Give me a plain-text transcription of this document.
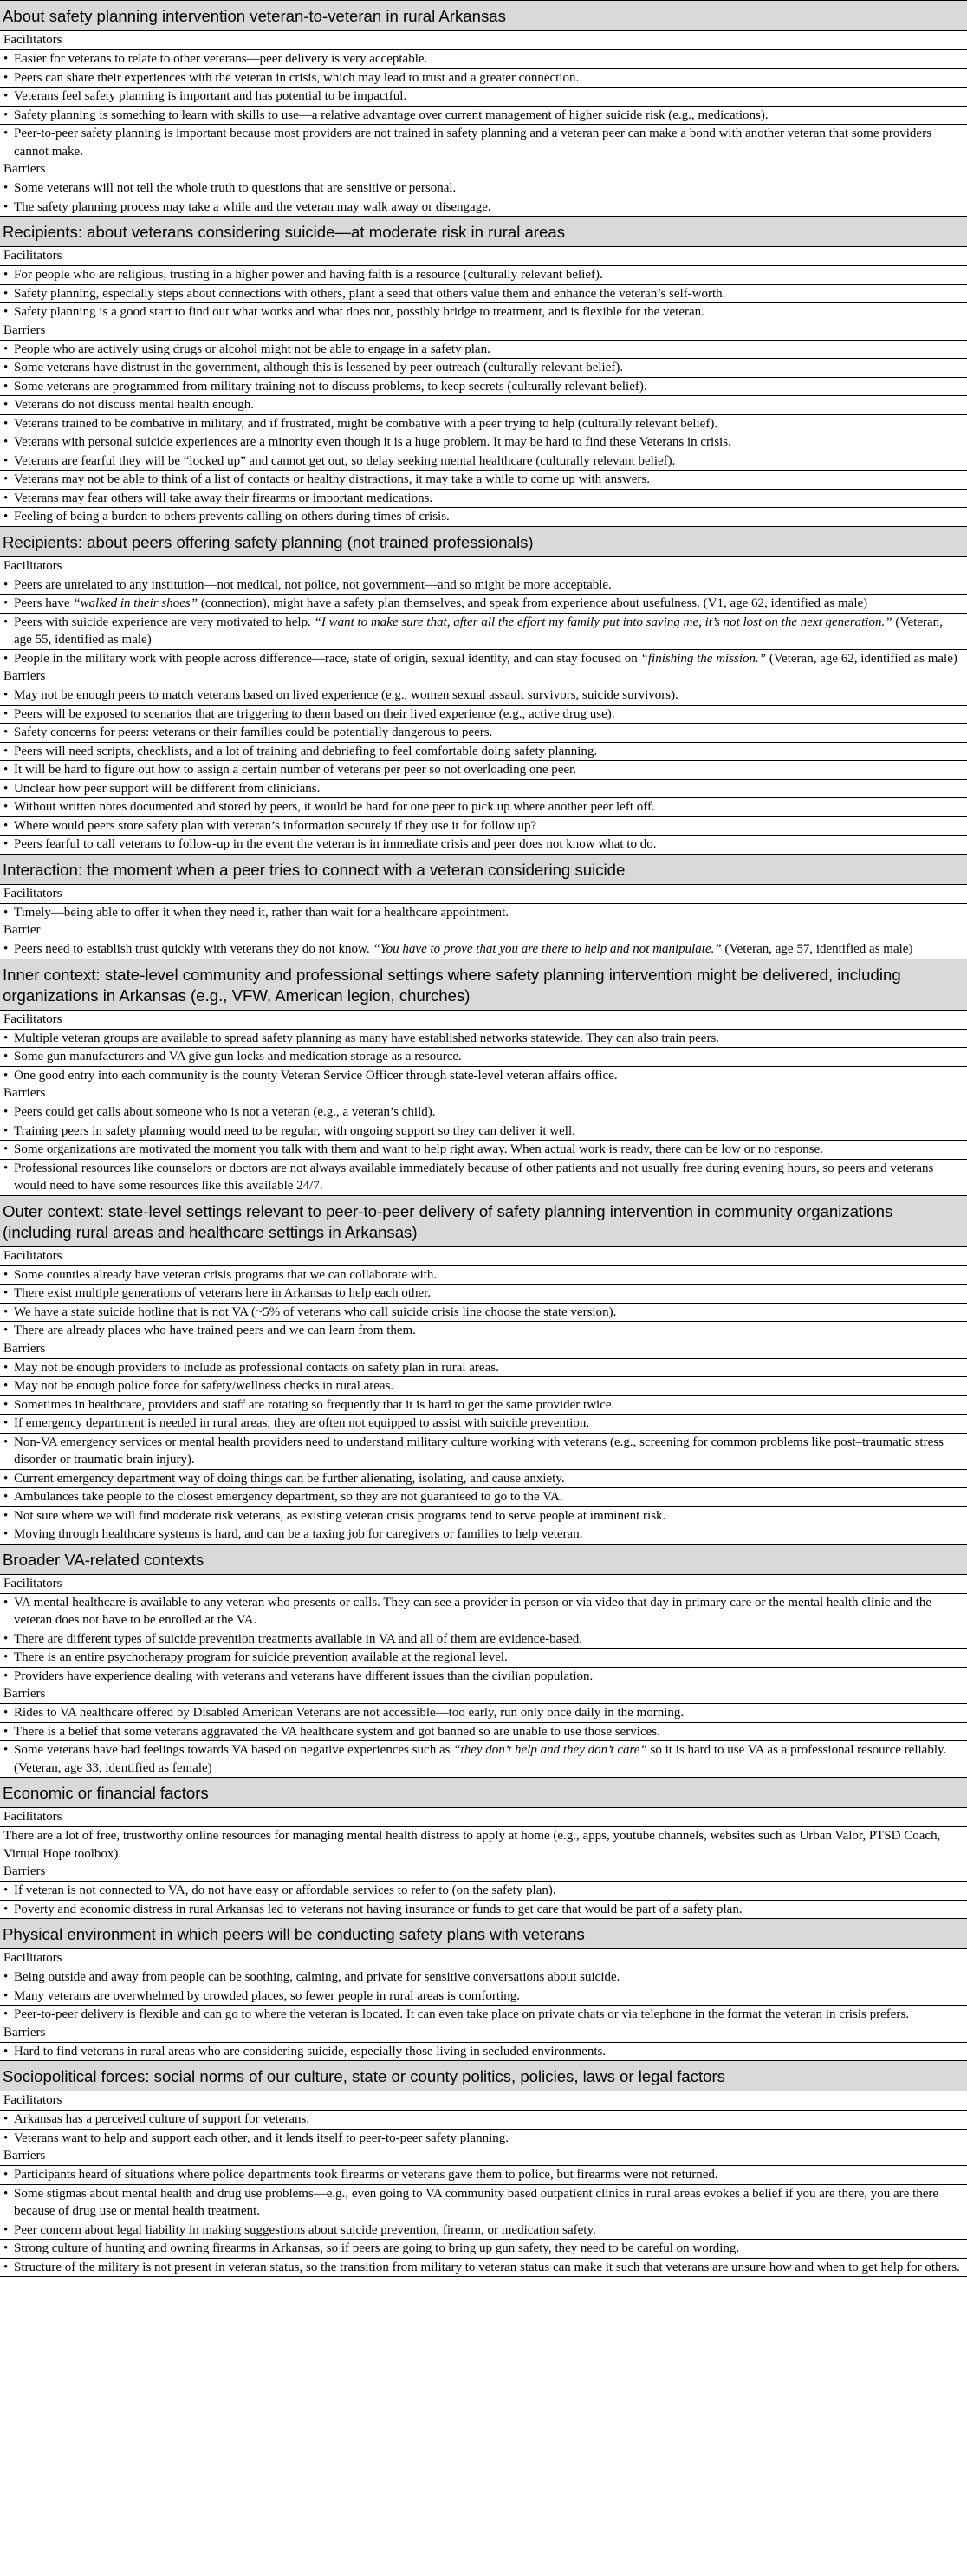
About safety planning intervention veteran-to-veteran in rural Arkansas
Facilitators
• Easier for veterans to relate to other veterans—peer delivery is very acceptable.
• Peers can share their experiences with the veteran in crisis, which may lead to trust and a greater connection.
• Veterans feel safety planning is important and has potential to be impactful.
• Safety planning is something to learn with skills to use—a relative advantage over current management of higher suicide risk (e.g., medications).
• Peer-to-peer safety planning is important because most providers are not trained in safety planning and a veteran peer can make a bond with another veteran that some providers cannot make.
Barriers
• Some veterans will not tell the whole truth to questions that are sensitive or personal.
• The safety planning process may take a while and the veteran may walk away or disengage.
Recipients: about veterans considering suicide—at moderate risk in rural areas
Facilitators
• For people who are religious, trusting in a higher power and having faith is a resource (culturally relevant belief).
• Safety planning, especially steps about connections with others, plant a seed that others value them and enhance the veteran’s self-worth.
• Safety planning is a good start to find out what works and what does not, possibly bridge to treatment, and is flexible for the veteran.
Barriers
• People who are actively using drugs or alcohol might not be able to engage in a safety plan.
• Some veterans have distrust in the government, although this is lessened by peer outreach (culturally relevant belief).
• Some veterans are programmed from military training not to discuss problems, to keep secrets (culturally relevant belief).
• Veterans do not discuss mental health enough.
• Veterans trained to be combative in military, and if frustrated, might be combative with a peer trying to help (culturally relevant belief).
• Veterans with personal suicide experiences are a minority even though it is a huge problem. It may be hard to find these Veterans in crisis.
• Veterans are fearful they will be “locked up” and cannot get out, so delay seeking mental healthcare (culturally relevant belief).
• Veterans may not be able to think of a list of contacts or healthy distractions, it may take a while to come up with answers.
• Veterans may fear others will take away their firearms or important medications.
• Feeling of being a burden to others prevents calling on others during times of crisis.
Recipients: about peers offering safety planning (not trained professionals)
Facilitators
• Peers are unrelated to any institution—not medical, not police, not government—and so might be more acceptable.
• Peers have “walked in their shoes” (connection), might have a safety plan themselves, and speak from experience about usefulness. (V1, age 62, identified as male)
• Peers with suicide experience are very motivated to help. “I want to make sure that, after all the effort my family put into saving me, it’s not lost on the next generation.” (Veteran, age 55, identified as male)
• People in the military work with people across difference—race, state of origin, sexual identity, and can stay focused on “finishing the mission.” (Veteran, age 62, identified as male)
Barriers
• May not be enough peers to match veterans based on lived experience (e.g., women sexual assault survivors, suicide survivors).
• Peers will be exposed to scenarios that are triggering to them based on their lived experience (e.g., active drug use).
• Safety concerns for peers: veterans or their families could be potentially dangerous to peers.
• Peers will need scripts, checklists, and a lot of training and debriefing to feel comfortable doing safety planning.
• It will be hard to figure out how to assign a certain number of veterans per peer so not overloading one peer.
• Unclear how peer support will be different from clinicians.
• Without written notes documented and stored by peers, it would be hard for one peer to pick up where another peer left off.
• Where would peers store safety plan with veteran’s information securely if they use it for follow up?
• Peers fearful to call veterans to follow-up in the event the veteran is in immediate crisis and peer does not know what to do.
Interaction: the moment when a peer tries to connect with a veteran considering suicide
Facilitators
• Timely—being able to offer it when they need it, rather than wait for a healthcare appointment.
Barrier
• Peers need to establish trust quickly with veterans they do not know. “You have to prove that you are there to help and not manipulate.” (Veteran, age 57, identified as male)
Inner context: state-level community and professional settings where safety planning intervention might be delivered, including organizations in Arkansas (e.g., VFW, American legion, churches)
Facilitators
• Multiple veteran groups are available to spread safety planning as many have established networks statewide. They can also train peers.
• Some gun manufacturers and VA give gun locks and medication storage as a resource.
• One good entry into each community is the county Veteran Service Officer through state-level veteran affairs office.
Barriers
• Peers could get calls about someone who is not a veteran (e.g., a veteran’s child).
• Training peers in safety planning would need to be regular, with ongoing support so they can deliver it well.
• Some organizations are motivated the moment you talk with them and want to help right away. When actual work is ready, there can be low or no response.
• Professional resources like counselors or doctors are not always available immediately because of other patients and not usually free during evening hours, so peers and veterans would need to have some resources like this available 24/7.
Outer context: state-level settings relevant to peer-to-peer delivery of safety planning intervention in community organizations (including rural areas and healthcare settings in Arkansas)
Facilitators
• Some counties already have veteran crisis programs that we can collaborate with.
• There exist multiple generations of veterans here in Arkansas to help each other.
• We have a state suicide hotline that is not VA (~5% of veterans who call suicide crisis line choose the state version).
• There are already places who have trained peers and we can learn from them.
Barriers
• May not be enough providers to include as professional contacts on safety plan in rural areas.
• May not be enough police force for safety/wellness checks in rural areas.
• Sometimes in healthcare, providers and staff are rotating so frequently that it is hard to get the same provider twice.
• If emergency department is needed in rural areas, they are often not equipped to assist with suicide prevention.
• Non-VA emergency services or mental health providers need to understand military culture working with veterans (e.g., screening for common problems like post–traumatic stress disorder or traumatic brain injury).
• Current emergency department way of doing things can be further alienating, isolating, and cause anxiety.
• Ambulances take people to the closest emergency department, so they are not guaranteed to go to the VA.
• Not sure where we will find moderate risk veterans, as existing veteran crisis programs tend to serve people at imminent risk.
• Moving through healthcare systems is hard, and can be a taxing job for caregivers or families to help veteran.
Broader VA-related contexts
Facilitators
• VA mental healthcare is available to any veteran who presents or calls. They can see a provider in person or via video that day in primary care or the mental health clinic and the veteran does not have to be enrolled at the VA.
• There are different types of suicide prevention treatments available in VA and all of them are evidence-based.
• There is an entire psychotherapy program for suicide prevention available at the regional level.
• Providers have experience dealing with veterans and veterans have different issues than the civilian population.
Barriers
• Rides to VA healthcare offered by Disabled American Veterans are not accessible—too early, run only once daily in the morning.
• There is a belief that some veterans aggravated the VA healthcare system and got banned so are unable to use those services.
• Some veterans have bad feelings towards VA based on negative experiences such as “they don’t help and they don’t care” so it is hard to use VA as a professional resource reliably. (Veteran, age 33, identified as female)
Economic or financial factors
Facilitators
There are a lot of free, trustworthy online resources for managing mental health distress to apply at home (e.g., apps, youtube channels, websites such as Urban Valor, PTSD Coach, Virtual Hope toolbox).
Barriers
• If veteran is not connected to VA, do not have easy or affordable services to refer to (on the safety plan).
• Poverty and economic distress in rural Arkansas led to veterans not having insurance or funds to get care that would be part of a safety plan.
Physical environment in which peers will be conducting safety plans with veterans
Facilitators
• Being outside and away from people can be soothing, calming, and private for sensitive conversations about suicide.
• Many veterans are overwhelmed by crowded places, so fewer people in rural areas is comforting.
• Peer-to-peer delivery is flexible and can go to where the veteran is located. It can even take place on private chats or via telephone in the format the veteran in crisis prefers.
Barriers
• Hard to find veterans in rural areas who are considering suicide, especially those living in secluded environments.
Sociopolitical forces: social norms of our culture, state or county politics, policies, laws or legal factors
Facilitators
• Arkansas has a perceived culture of support for veterans.
• Veterans want to help and support each other, and it lends itself to peer-to-peer safety planning.
Barriers
• Participants heard of situations where police departments took firearms or veterans gave them to police, but firearms were not returned.
• Some stigmas about mental health and drug use problems—e.g., even going to VA community based outpatient clinics in rural areas evokes a belief if you are there, you are there because of drug use or mental health treatment.
• Peer concern about legal liability in making suggestions about suicide prevention, firearm, or medication safety.
• Strong culture of hunting and owning firearms in Arkansas, so if peers are going to bring up gun safety, they need to be careful on wording.
• Structure of the military is not present in veteran status, so the transition from military to veteran status can make it such that veterans are unsure how and when to get help for others.
